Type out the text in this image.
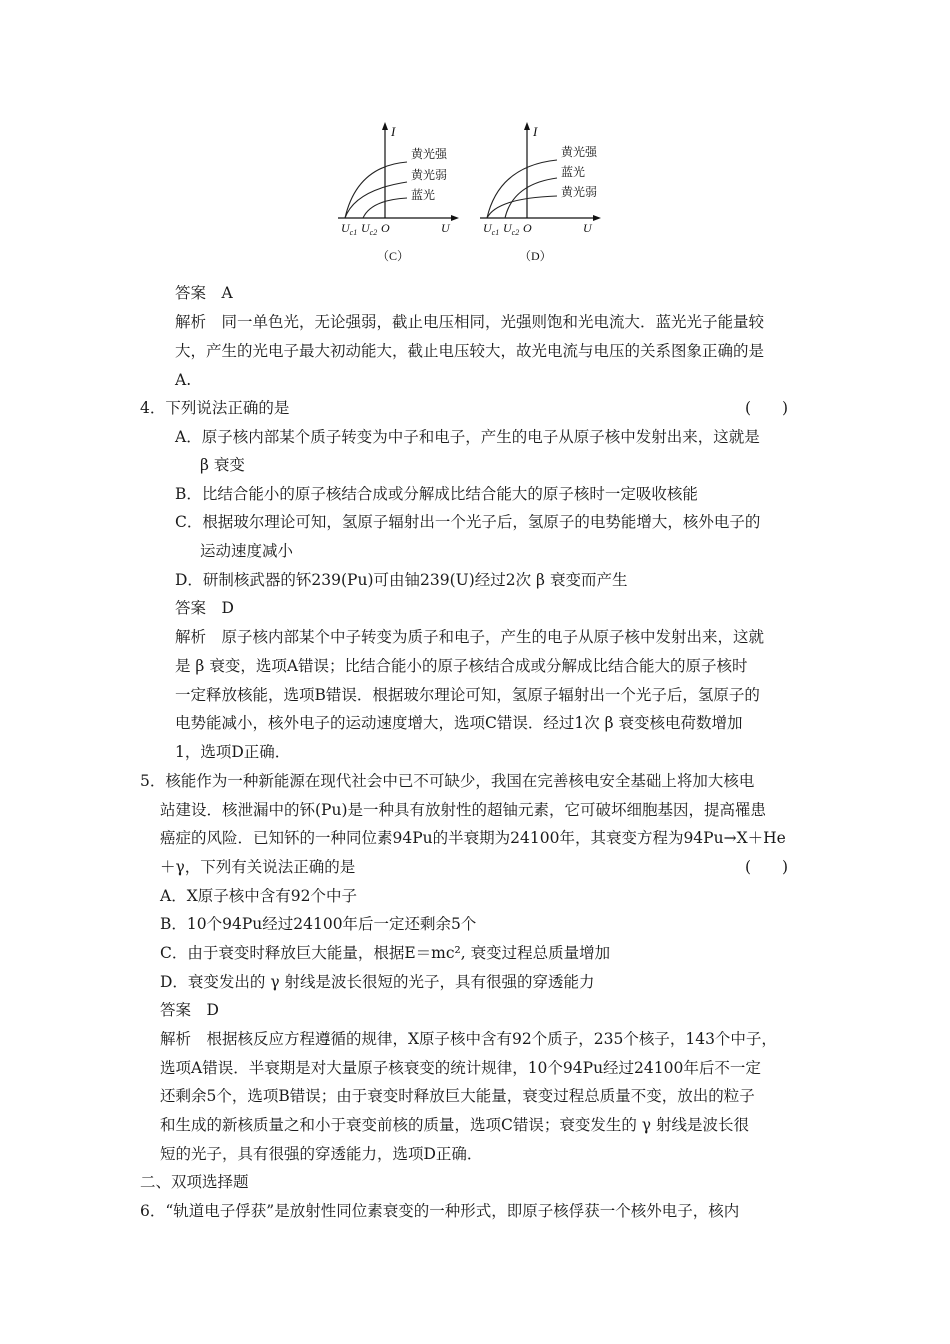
I
黄光强
黄光弱
蓝光
$U_{c1}$ $U_{c2}$ O	U
（C）
I
黄光强
蓝光
黄光弱
$U_{c1}$ $U_{c2}$ O	U
（D）
答案　A
解析　同一单色光，无论强弱，截止电压相同，光强则饱和光电流大．蓝光光子能量较
大，产生的光电子最大初动能大，截止电压较大，故光电流与电压的关系图象正确的是
A.
4．下列说法正确的是	(　　)
A．原子核内部某个质子转变为中子和电子，产生的电子从原子核中发射出来，这就是
β 衰变
B．比结合能小的原子核结合成或分解成比结合能大的原子核时一定吸收核能
C．根据玻尔理论可知，氢原子辐射出一个光子后，氢原子的电势能增大，核外电子的
运动速度减小
D．研制核武器的钚239(Pu)可由铀239(U)经过2次 β 衰变而产生
答案　D
解析　原子核内部某个中子转变为质子和电子，产生的电子从原子核中发射出来，这就
是 β 衰变，选项A错误；比结合能小的原子核结合成或分解成比结合能大的原子核时
一定释放核能，选项B错误．根据玻尔理论可知，氢原子辐射出一个光子后，氢原子的
电势能减小，核外电子的运动速度增大，选项C错误．经过1次 β 衰变核电荷数增加
1，选项D正确．
5．核能作为一种新能源在现代社会中已不可缺少，我国在完善核电安全基础上将加大核电
站建设．核泄漏中的钚(Pu)是一种具有放射性的超铀元素，它可破坏细胞基因，提高罹患
癌症的风险．已知钚的一种同位素94Pu的半衰期为24100年，其衰变方程为94Pu→X＋He
＋γ，下列有关说法正确的是	(　　)
A．X原子核中含有92个中子
B．10个94Pu经过24100年后一定还剩余5个
C．由于衰变时释放巨大能量，根据E＝mc², 衰变过程总质量增加
D．衰变发出的 γ 射线是波长很短的光子，具有很强的穿透能力
答案　D
解析　根据核反应方程遵循的规律，X原子核中含有92个质子，235个核子，143个中子，
选项A错误．半衰期是对大量原子核衰变的统计规律，10个94Pu经过24100年后不一定
还剩余5个，选项B错误；由于衰变时释放巨大能量，衰变过程总质量不变，放出的粒子
和生成的新核质量之和小于衰变前核的质量，选项C错误；衰变发生的 γ 射线是波长很
短的光子，具有很强的穿透能力，选项D正确．
二、双项选择题
6．“轨道电子俘获”是放射性同位素衰变的一种形式，即原子核俘获一个核外电子，核内
